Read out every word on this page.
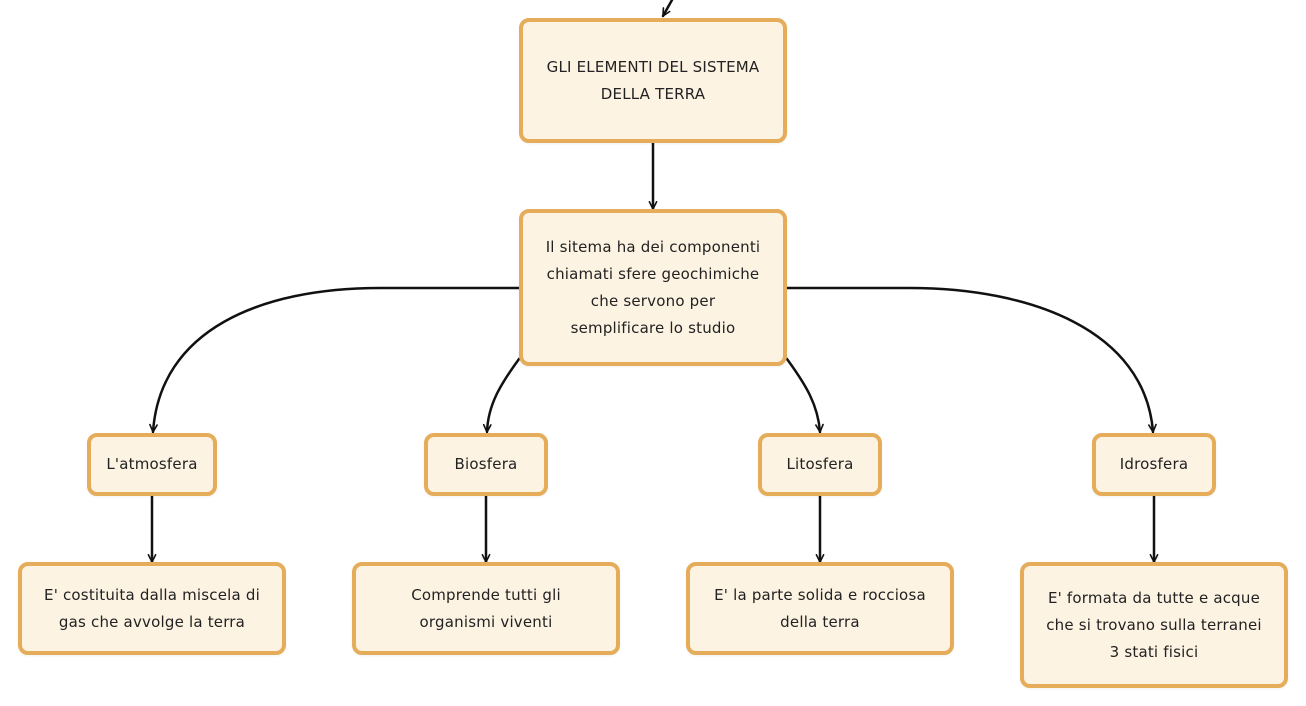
GLI ELEMENTI DEL SISTEMA
DELLA TERRA
Il sitema ha dei componenti
chiamati sfere geochimiche
che servono per
semplificare lo studio
L'atmosfera	Biosfera	Litosfera	Idrosfera
E' costituita dalla miscela di
gas che avvolge la terra
Comprende tutti gli
organismi viventi
E' la parte solida e rocciosa
della terra
E' formata da tutte e acque
che si trovano sulla terranei
3 stati fisici
